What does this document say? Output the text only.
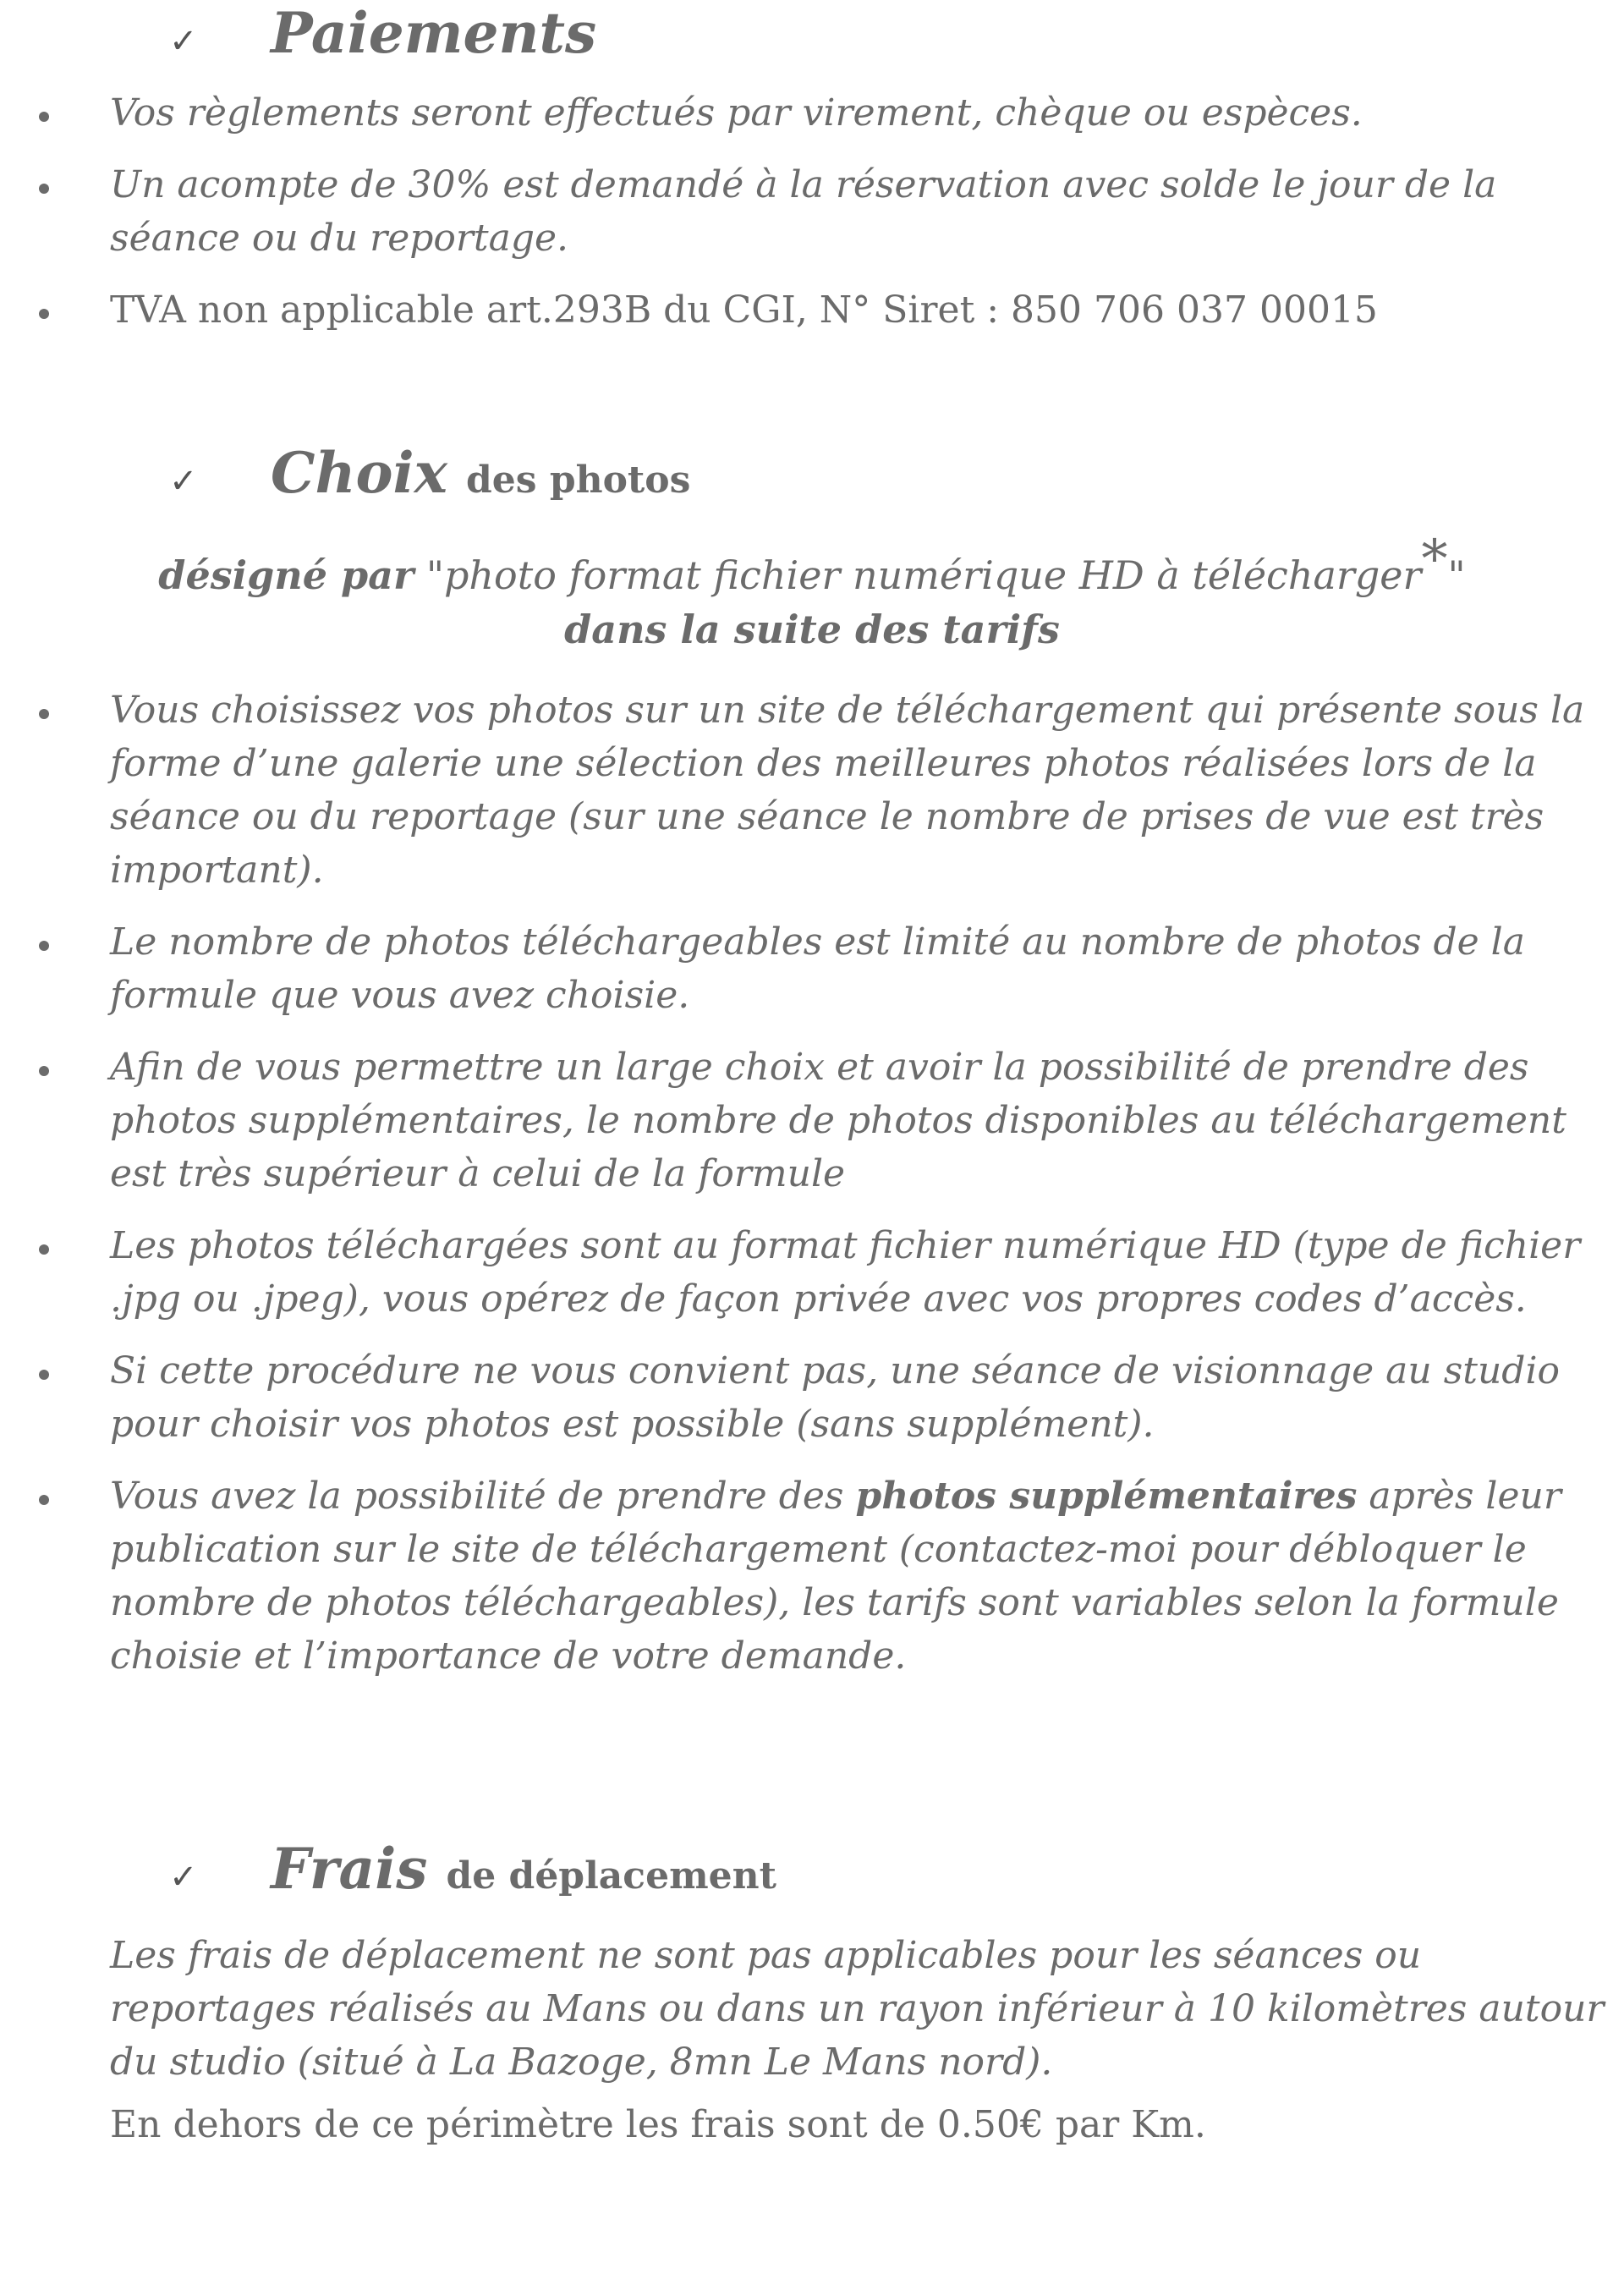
✓	Paiements
Vos règlements seront effectués par virement, chèque ou espèces.
Un acompte de 30% est demandé à la réservation avec solde le jour de la séance ou du reportage.
TVA non applicable art.293B du CGI, N° Siret : 850 706 037 00015
✓	Choix des photos
désigné par "photo format fichier numérique HD à télécharger*"
dans la suite des tarifs
Vous choisissez vos photos sur un site de téléchargement qui présente sous la forme d’une galerie une sélection des meilleures photos réalisées lors de la séance ou du reportage (sur une séance le nombre de prises de vue est très important).
Le nombre de photos téléchargeables est limité au nombre de photos de la formule que vous avez choisie.
Afin de vous permettre un large choix et avoir la possibilité de prendre des photos supplémentaires, le nombre de photos disponibles au téléchargement est très supérieur à celui de la formule
Les photos téléchargées sont au format fichier numérique HD (type de fichier .jpg ou .jpeg), vous opérez de façon privée avec vos propres codes d’accès.
Si cette procédure ne vous convient pas, une séance de visionnage au studio pour choisir vos photos est possible (sans supplément).
Vous avez la possibilité de prendre des photos supplémentaires après leur publication sur le site de téléchargement (contactez-moi pour débloquer le nombre de photos téléchargeables), les tarifs sont variables selon la formule choisie et l’importance de votre demande.
✓	Frais de déplacement
Les frais de déplacement ne sont pas applicables pour les séances ou reportages réalisés au Mans ou dans un rayon inférieur à 10 kilomètres autour du studio (situé à La Bazoge, 8mn Le Mans nord).
En dehors de ce périmètre les frais sont de 0.50€ par Km.
